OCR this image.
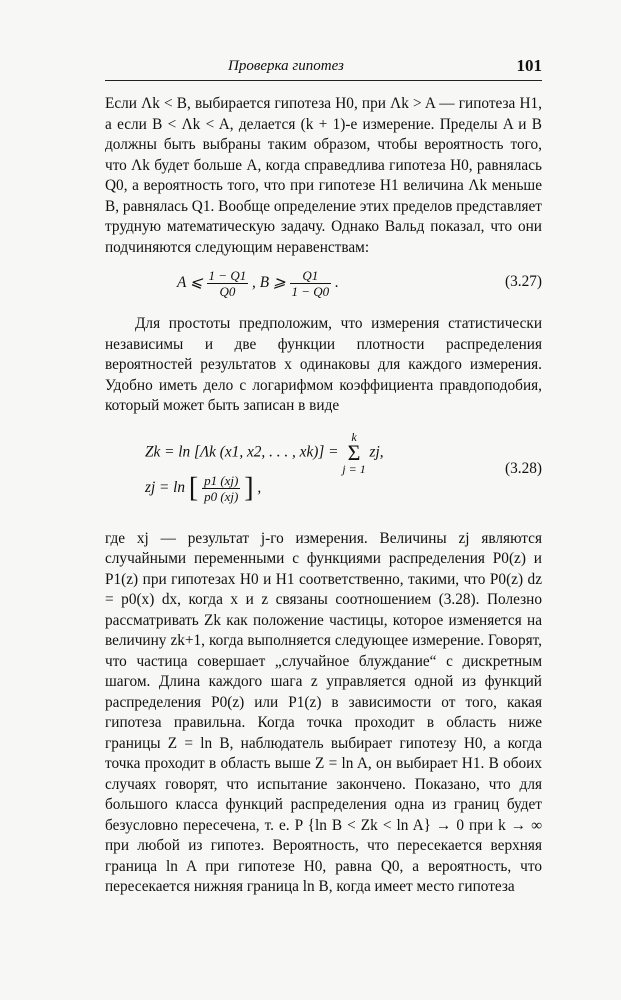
Проверка гипотез	101

Если Λk < B, выбирается гипотеза H0, при Λk > A — гипотеза H1, а если B < Λk < A, делается (k + 1)-е измерение. Пределы A и B должны быть выбраны таким образом, чтобы вероятность того, что Λk будет больше A, когда справедлива гипотеза H0, равнялась Q0, а вероятность того, что при гипотезе H1 величина Λk меньше B, равнялась Q1. Вообще определение этих пределов представляет трудную математическую задачу. Однако Вальд показал, что они подчиняются следующим неравенствам:

A ⩽ $\frac{1 - Q1}{Q0}$ , B ⩾ $\frac{Q1}{1 - Q0}$ .	(3.27)

Для простоты предположим, что измерения статистически независимы и две функции плотности распределения вероятностей результатов x одинаковы для каждого измерения. Удобно иметь дело с логарифмом коэффициента правдоподобия, который может быть записан в виде

Zk = ln [Λk (x1, x2, . . . , xk)] = k
Σ
j = 1 zj,
zj = ln [ $\frac{p1 (xj)}{p0 (xj)}$ ] ,
(3.28)

где xj — результат j-го измерения. Величины zj являются случайными переменными с функциями распределения P0(z) и P1(z) при гипотезах H0 и H1 соответственно, такими, что P0(z) dz = p0(x) dx, когда x и z связаны соотношением (3.28). Полезно рассматривать Zk как положение частицы, которое изменяется на величину zk+1, когда выполняется следующее измерение. Говорят, что частица совершает „случайное блуждание“ с дискретным шагом. Длина каждого шага z управляется одной из функций распределения P0(z) или P1(z) в зависимости от того, какая гипотеза правильна. Когда точка проходит в область ниже границы Z = ln B, наблюдатель выбирает гипотезу H0, а когда точка проходит в область выше Z = ln A, он выбирает H1. В обоих случаях говорят, что испытание закончено. Показано, что для большого класса функций распределения одна из границ будет безусловно пересечена, т. е. P {ln B < Zk < ln A} → 0 при k → ∞ при любой из гипотез. Вероятность, что пересекается верхняя граница ln A при гипотезе H0, равна Q0, а вероятность, что пересекается нижняя граница ln B, когда имеет место гипотеза
